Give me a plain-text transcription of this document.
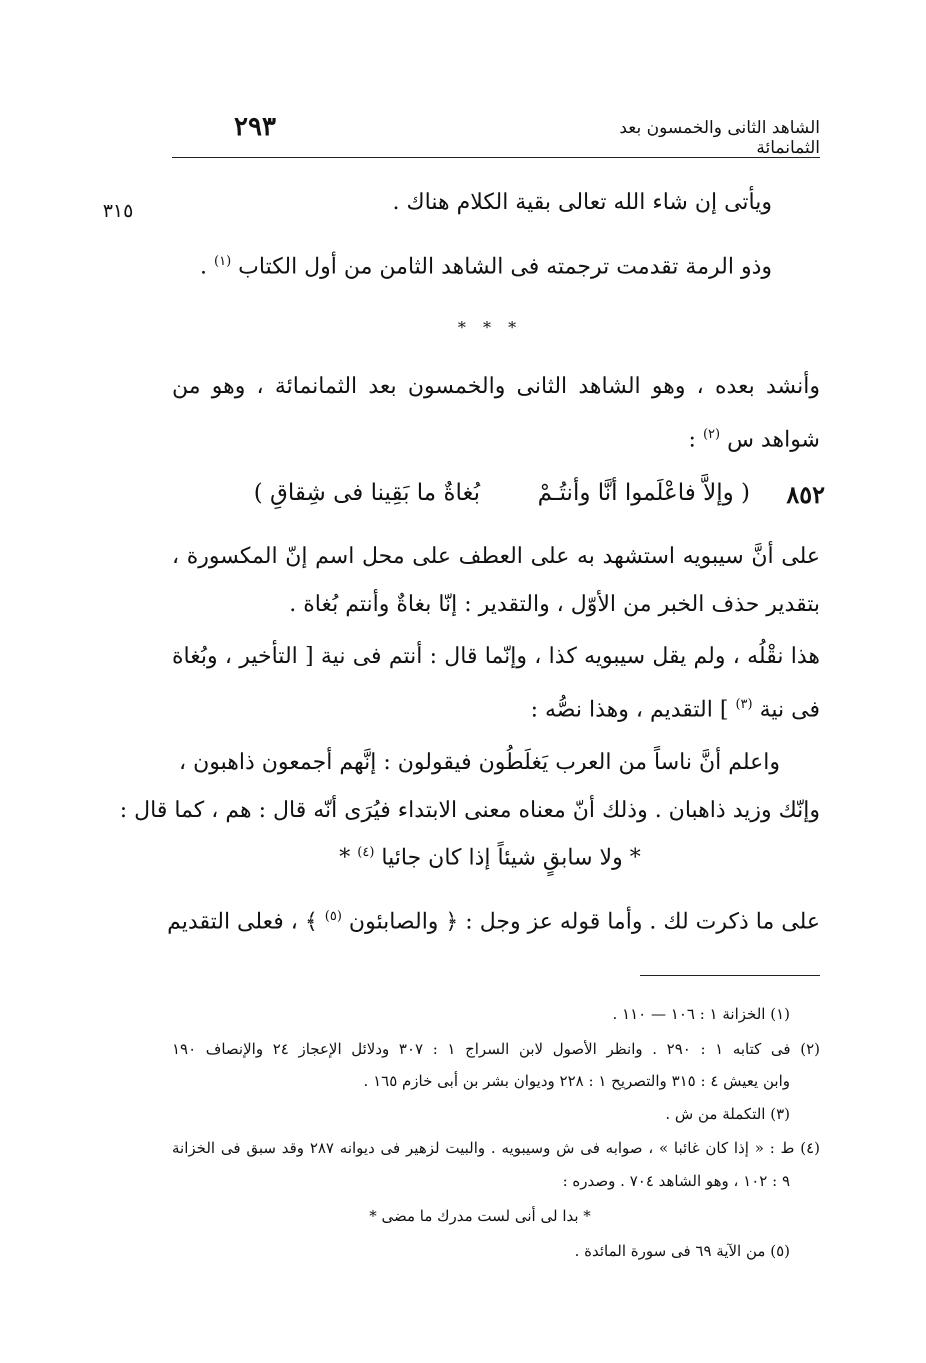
الشاهد الثانى والخمسون بعد الثمانمائة
٢٩٣
٣١٥	ويأتى إن شاء الله تعالى بقية الكلام هناك .
وذو الرمة تقدمت ترجمته فى الشاهد الثامن من أول الكتاب $^{(١)}$ .
* * *
وأنشد بعده ، وهو الشاهد الثانى والخمسون بعد الثمانمائة ، وهو من
شواهد س $^{(٢)}$ :
٨٥٢
( وإلاَّ فاعْلَموا أنَّا وأنتُـمْ
بُغاةٌ ما بَقِينا فى شِقاقِ )
على أنَّ سيبويه استشهد به على العطف على محل اسم إنّ المكسورة ،
بتقدير حذف الخبر من الأوّل ، والتقدير : إنّا بغاةٌ وأنتم بُغاة .
هذا نقْلُه ، ولم يقل سيبويه كذا ، وإنّما قال : أنتم فى نية [ التأخير ، وبُغاة
فى نية $^{(٣)}$ ] التقديم ، وهذا نصُّه :
واعلم أنَّ ناساً من العرب يَغلَطُون فيقولون : إنَّهم أجمعون ذاهبون ،
وإنّك وزيد ذاهبان . وذلك أنّ معناه معنى الابتداء فيُرَى أنّه قال : هم ، كما قال :
* ولا سابقٍ شيئاً إذا كان جائيا $^{(٤)}$ *
على ما ذكرت لك . وأما قوله عز وجل : ﴿ والصابئون $^{(٥)}$ ﴾ ، فعلى التقديم
(١) الخزانة ١ : ١٠٦ — ١١٠ .
(٢) فى كتابه ١ : ٢٩٠ . وانظر الأصول لابن السراج ١ : ٣٠٧ ودلائل الإعجاز ٢٤ والإنصاف ١٩٠
وابن يعيش ٤ : ٣١٥ والتصريح ١ : ٢٢٨ وديوان بشر بن أبى خازم ١٦٥ .
(٣) التكملة من ش .
(٤) ط : « إذا كان غائبا » ، صوابه فى ش وسيبويه . والبيت لزهير فى ديوانه ٢٨٧ وقد سبق فى الخزانة
٩ : ١٠٢ ، وهو الشاهد ٧٠٤ . وصدره :
* بدا لى أنى لست مدرك ما مضى *
(٥) من الآية ٦٩ فى سورة المائدة .
